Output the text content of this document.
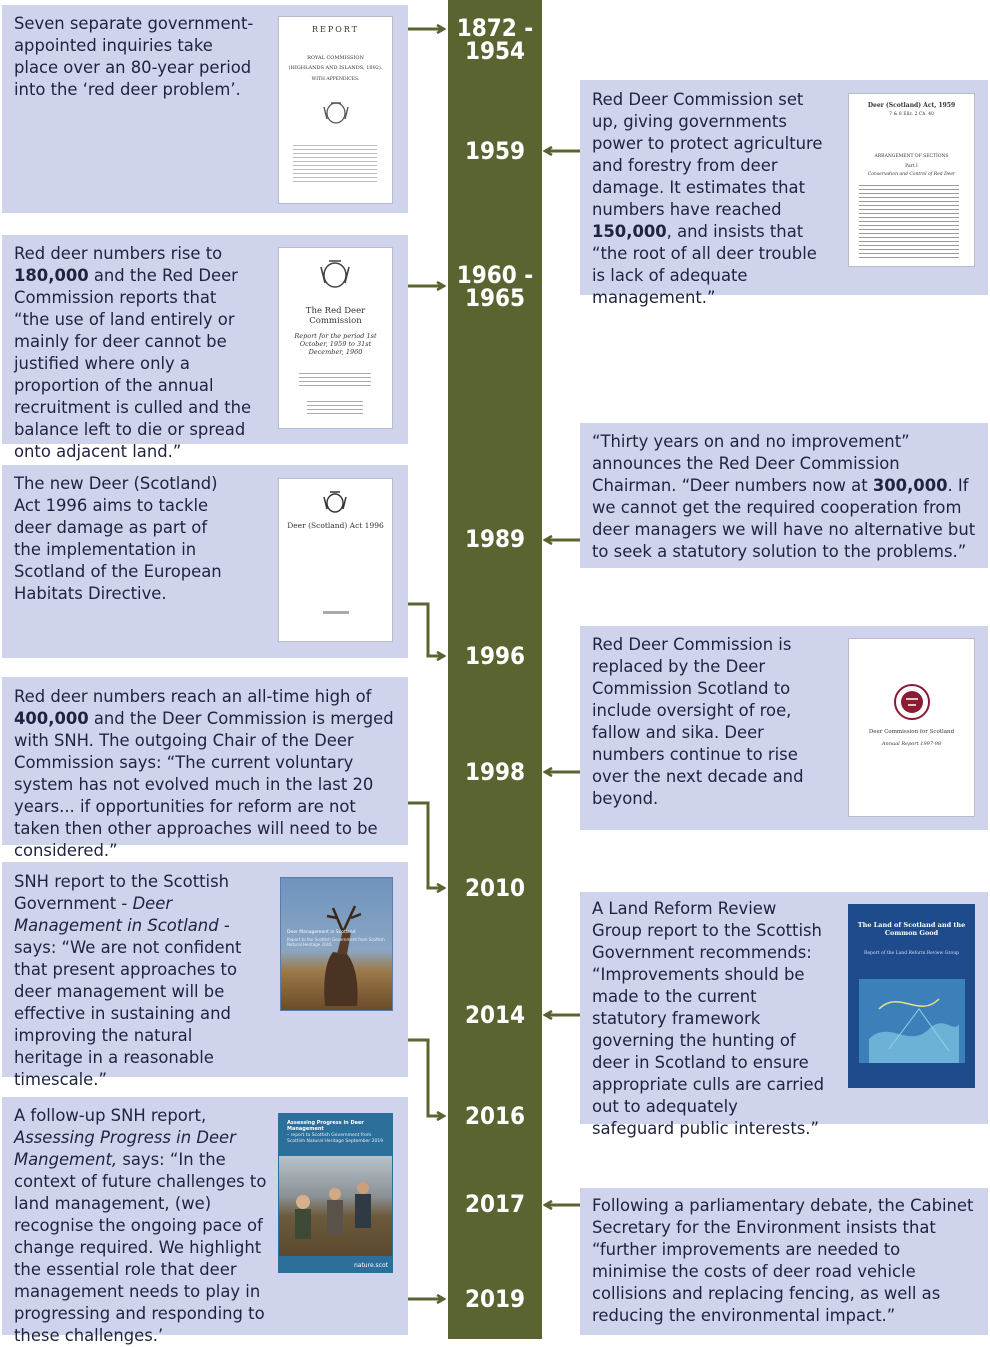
1872 -
1954
1959
1960 -
1965
1989
1996
1998
2010
2014
2016
2017
2019
Seven separate government-appointed inquiries take place over an 80-year period into the ‘red deer problem’.
Red Deer Commission set up, giving governments power to protect agriculture and forestry from deer damage. It estimates that numbers have reached 150,000, and insists that “the root of all deer trouble is lack of adequate management.”
Red deer numbers rise to 180,000 and the Red Deer Commission reports that “the use of land entirely or mainly for deer cannot be justified where only a proportion of the annual recruitment is culled and the balance left to die or spread onto adjacent land.”
“Thirty years on and no improvement” announces the Red Deer Commission Chairman. “Deer numbers now at 300,000. If we cannot get the required cooperation from deer managers we will have no alternative but to seek a statutory solution to the problems.”
The new Deer (Scotland) Act 1996 aims to tackle deer damage as part of the implementation in Scotland of the European Habitats Directive.
Red Deer Commission is replaced by the Deer Commission Scotland to include oversight of roe, fallow and sika. Deer numbers continue to rise over the next decade and beyond.
Red deer numbers reach an all-time high of 400,000 and the Deer Commission is merged with SNH. The outgoing Chair of the Deer Commission says: “The current voluntary system has not evolved much in the last 20 years... if opportunities for reform are not taken then other approaches will need to be considered.”
A Land Reform Review Group report to the Scottish Government recommends: “Improvements should be made to the current statutory framework governing the hunting of deer in Scotland to ensure appropriate culls are carried out to adequately safeguard public interests.”
SNH report to the Scottish Government - Deer Management in Scotland - says: “We are not confident that present approaches to deer management will be effective in sustaining and improving the natural heritage in a reasonable timescale.”
Following a parliamentary debate, the Cabinet Secretary for the Environment insists that “further improvements are needed to minimise the costs of deer road vehicle collisions and replacing fencing, as well as reducing the environmental impact.”
A follow-up SNH report, Assessing Progress in Deer Mangement, says: “In the context of future challenges to land management, (we) recognise the ongoing pace of change required. We highlight the essential role that deer management needs to play in progressing and responding to these challenges.’
REPORT
ROYAL COMMISSION
(HIGHLANDS AND ISLANDS, 1892).
WITH APPENDICES.
Deer (Scotland) Act, 1959
7 & 8 Eliz. 2 Ch. 40
ARRANGEMENT OF SECTIONS
Part I
Conservation and Control of Red Deer
The Red Deer Commission
Report for the period 1st October, 1959 to 31st December, 1960
Deer (Scotland) Act 1996
Deer Commission for Scotland
Annual Report 1997-98
The Land of Scotland and the Common Good
Report of the Land Reform Review Group
Deer Management in Scotland
Report to the Scottish Government from Scottish Natural Heritage 2016
Assessing Progress in Deer Management
– report to Scottish Government from Scottish Natural Heritage September 2019
nature.scot
